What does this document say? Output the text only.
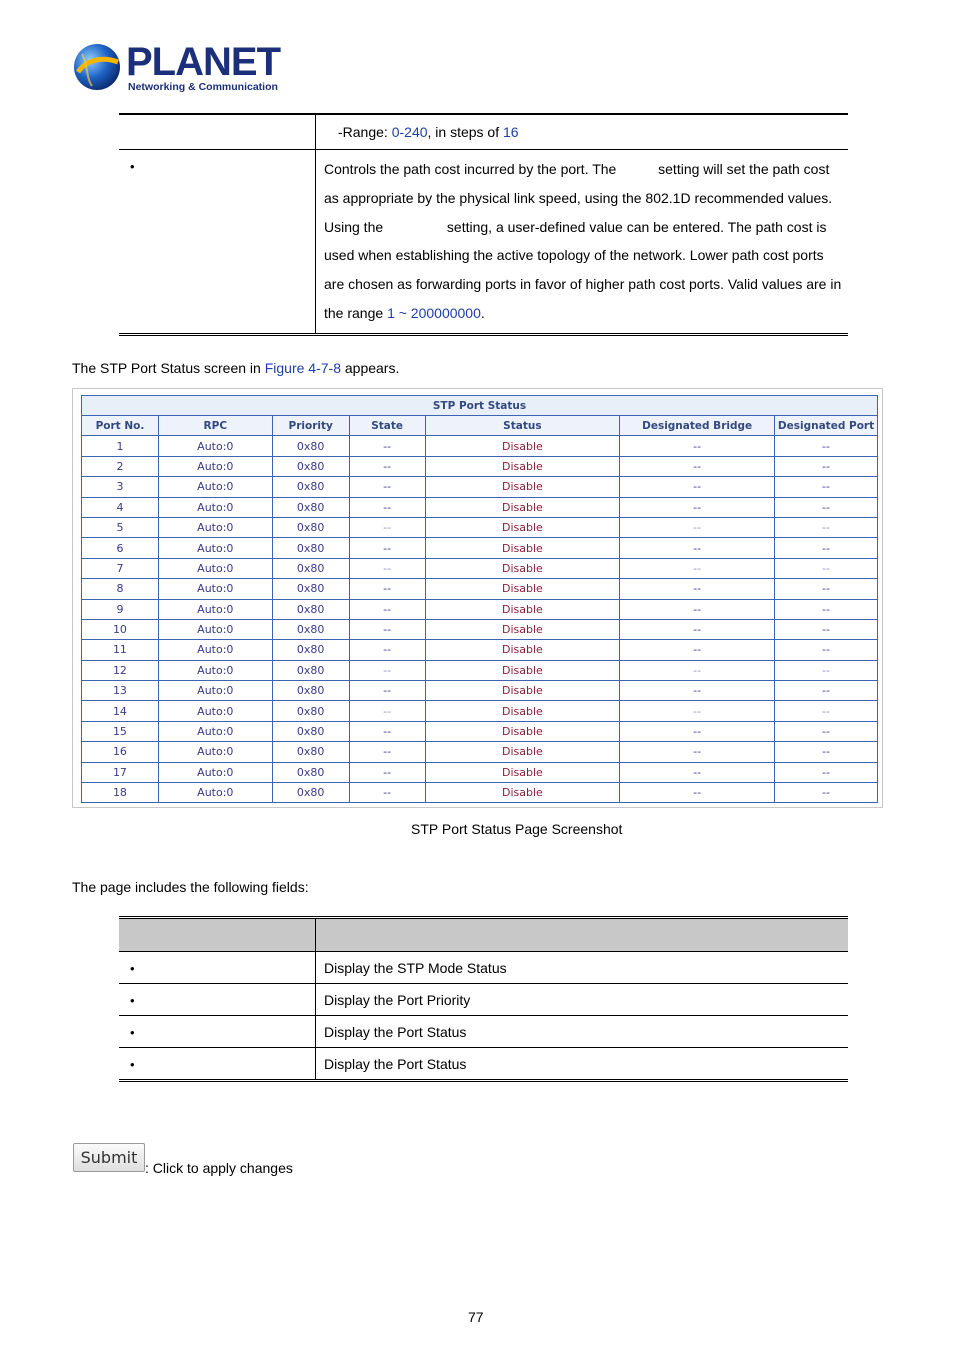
PLANET
Networking & Communication
	-Range: 0-240, in steps of 16
•	Controls the path cost incurred by the port. The  setting will set the path cost as appropriate by the physical link speed, using the 802.1D recommended values. Using the setting, a user-defined value can be entered. The path cost is used when establishing the active topology of the network. Lower path cost ports are chosen as forwarding ports in favor of higher path cost ports. Valid values are in the range 1 ~ 200000000.
The STP Port Status screen in Figure 4-7-8 appears.
STP Port Status						
Port No.	RPC	Priority	State	Status	Designated Bridge	Designated Port
1	Auto:0	0x80	--	Disable	--	--
2	Auto:0	0x80	--	Disable	--	--
3	Auto:0	0x80	--	Disable	--	--
4	Auto:0	0x80	--	Disable	--	--
5	Auto:0	0x80	--	Disable	--	--
6	Auto:0	0x80	--	Disable	--	--
7	Auto:0	0x80	--	Disable	--	--
8	Auto:0	0x80	--	Disable	--	--
9	Auto:0	0x80	--	Disable	--	--
10	Auto:0	0x80	--	Disable	--	--
11	Auto:0	0x80	--	Disable	--	--
12	Auto:0	0x80	--	Disable	--	--
13	Auto:0	0x80	--	Disable	--	--
14	Auto:0	0x80	--	Disable	--	--
15	Auto:0	0x80	--	Disable	--	--
16	Auto:0	0x80	--	Disable	--	--
17	Auto:0	0x80	--	Disable	--	--
18	Auto:0	0x80	--	Disable	--	--
STP Port Status Page Screenshot
The page includes the following fields:

•	Display the STP Mode Status
•	Display the Port Priority
•	Display the Port Status
•	Display the Port Status
Submit
: Click to apply changes
77
